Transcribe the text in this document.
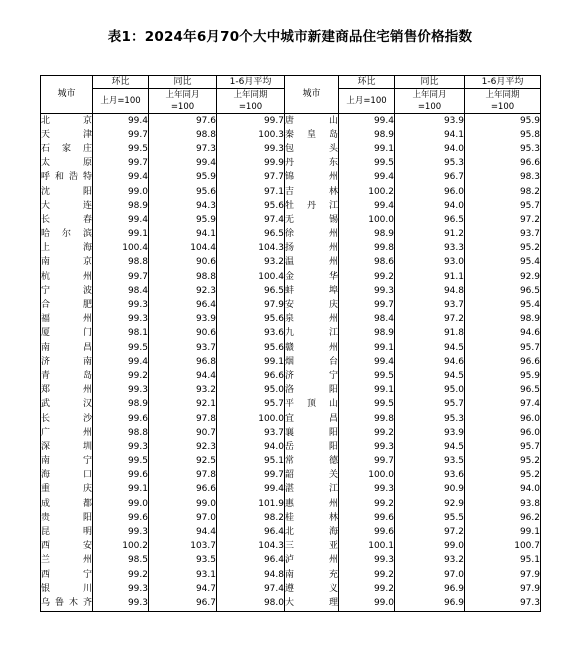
表1：2024年6月70个大中城市新建商品住宅销售价格指数
城市	环比	同比	1-6月平均	城市	环比	同比	1-6月平均
	上月=100	上年同月	上年同期		上月=100	上年同月	上年同期
		=100	=100			=100	=100
北京	99.4	97.6	99.7	唐山	99.4	93.9	95.9
天津	99.7	98.8	100.3	秦皇岛	98.9	94.1	95.8
石家庄	99.5	97.3	99.3	包头	99.1	94.0	95.3
太原	99.7	99.4	99.9	丹东	99.5	95.3	96.6
呼和浩特	99.4	95.9	97.7	锦州	99.4	96.7	98.3
沈阳	99.0	95.6	97.1	吉林	100.2	96.0	98.2
大连	98.9	94.3	95.6	牡丹江	99.4	94.0	95.7
长春	99.4	95.9	97.4	无锡	100.0	96.5	97.2
哈尔滨	99.1	94.1	96.5	徐州	98.9	91.2	93.7
上海	100.4	104.4	104.3	扬州	99.8	93.3	95.2
南京	98.8	90.6	93.2	温州	98.6	93.0	95.4
杭州	99.7	98.8	100.4	金华	99.2	91.1	92.9
宁波	98.4	92.3	96.5	蚌埠	99.3	94.8	96.5
合肥	99.3	96.4	97.9	安庆	99.7	93.7	95.4
福州	99.3	93.9	95.6	泉州	98.4	97.2	98.9
厦门	98.1	90.6	93.6	九江	98.9	91.8	94.6
南昌	99.5	93.7	95.6	赣州	99.1	94.5	95.7
济南	99.4	96.8	99.1	烟台	99.4	94.6	96.6
青岛	99.2	94.4	96.6	济宁	99.5	94.5	95.9
郑州	99.3	93.2	95.0	洛阳	99.1	95.0	96.5
武汉	98.9	92.1	95.7	平顶山	99.5	95.7	97.4
长沙	99.6	97.8	100.0	宜昌	99.8	95.3	96.0
广州	98.8	90.7	93.7	襄阳	99.2	93.9	96.0
深圳	99.3	92.3	94.0	岳阳	99.3	94.5	95.7
南宁	99.5	92.5	95.1	常德	99.7	93.5	95.2
海口	99.6	97.8	99.7	韶关	100.0	93.6	95.2
重庆	99.1	96.6	99.4	湛江	99.3	90.9	94.0
成都	99.0	99.0	101.9	惠州	99.2	92.9	93.8
贵阳	99.6	97.0	98.2	桂林	99.6	95.5	96.2
昆明	99.3	94.4	96.4	北海	99.6	97.2	99.1
西安	100.2	103.7	104.3	三亚	100.1	99.0	100.7
兰州	98.5	93.5	96.4	泸州	99.3	93.2	95.1
西宁	99.2	93.1	94.8	南充	99.2	97.0	97.9
银川	99.3	94.7	97.4	遵义	99.2	96.9	97.9
乌鲁木齐	99.3	96.7	98.0	大理	99.0	96.9	97.3
